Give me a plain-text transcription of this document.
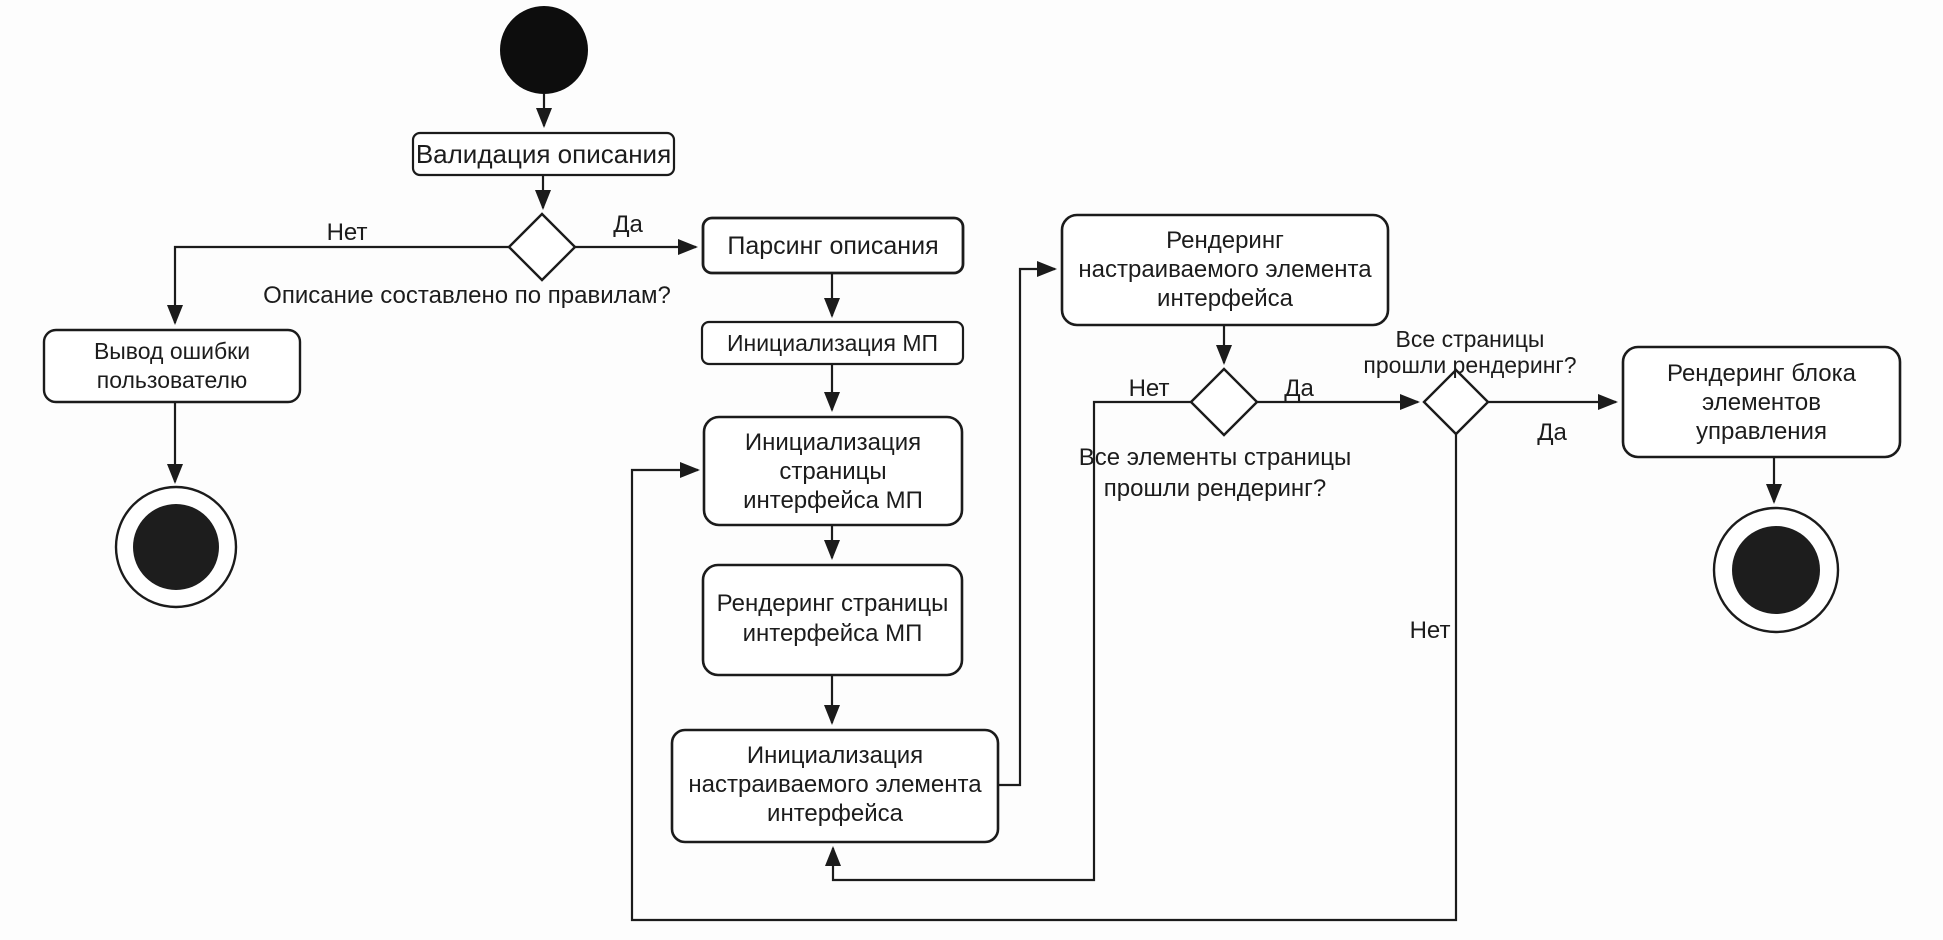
Валидация описания
Вывод ошибки
пользователю
Парсинг описания
Инициализация МП
Инициализация
страницы
интерфейса МП
Рендеринг страницы
интерфейса МП
Инициализация
настраиваемого элемента
интерфейса
Рендеринг
настраиваемого элемента
интерфейса
Рендеринг блока
элементов
управления
Нет	Да
Описание составлено по правилам?
Нет	Да
Все элементы страницы
прошли рендеринг?
Все страницы
прошли рендеринг?
Да
Нет
